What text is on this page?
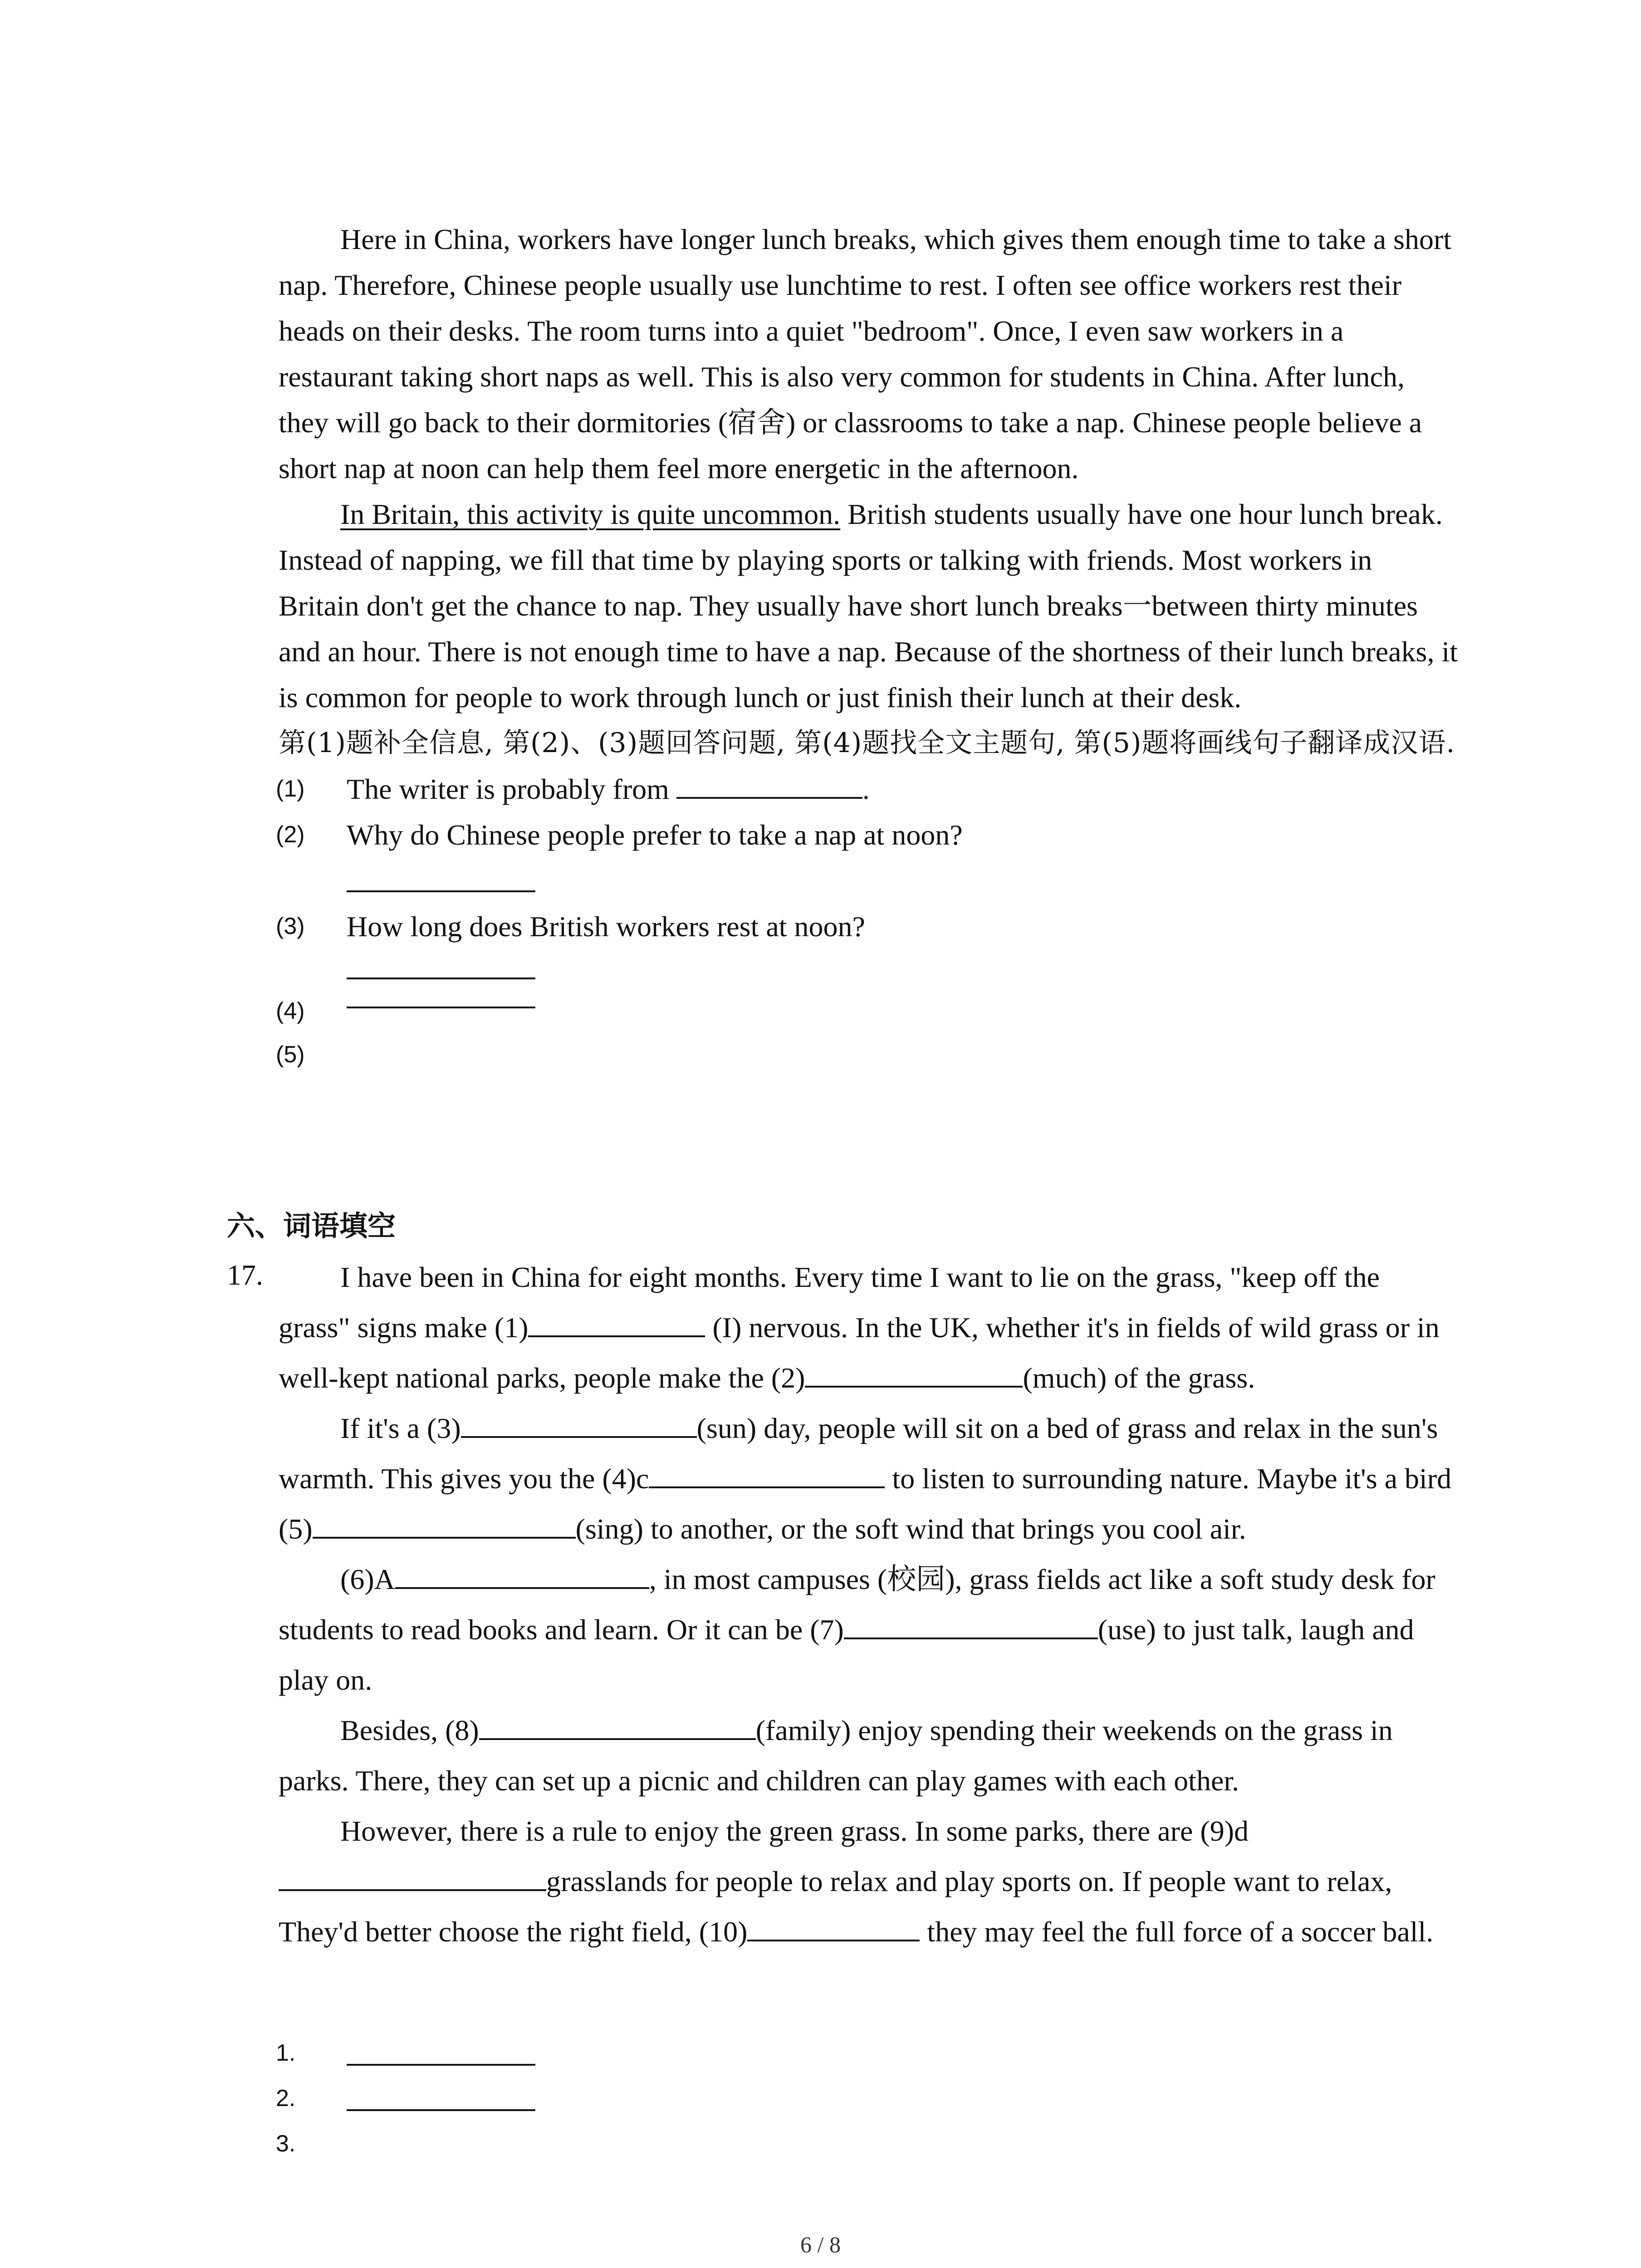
Here in China, workers have longer lunch breaks, which gives them enough time to take a short nap. Therefore, Chinese people usually use lunchtime to rest. I often see office workers rest their heads on their desks. The room turns into a quiet "bedroom". Once, I even saw workers in a restaurant taking short naps as well. This is also very common for students in China. After lunch, they will go back to their dormitories (宿舍) or classrooms to take a nap. Chinese people believe a short nap at noon can help them feel more energetic in the afternoon.

In Britain, this activity is quite uncommon. British students usually have one hour lunch break. Instead of napping, we fill that time by playing sports or talking with friends. Most workers in Britain don't get the chance to nap. They usually have short lunch breaks一between thirty minutes and an hour. There is not enough time to have a nap. Because of the shortness of their lunch breaks, it is common for people to work through lunch or just finish their lunch at their desk.

第(1)题补全信息, 第(2)、(3)题回答问题, 第(4)题找全文主题句, 第(5)题将画线句子翻译成汉语.

(1) The writer is probably from	.
(2) Why do Chinese people prefer to take a nap at noon?
(3) How long does British workers rest at noon?
(4)
(5)
六、词语填空
17.	I have been in China for eight months. Every time I want to lie on the grass, "keep off the grass" signs make (1)	(I) nervous. In the UK, whether it's in fields of wild grass or in well-kept national parks, people make the (2)	(much) of the grass.

If it's a (3)	(sun) day, people will sit on a bed of grass and relax in the sun's warmth. This gives you the (4)c	to listen to surrounding nature. Maybe it's a bird (5)	(sing) to another, or the soft wind that brings you cool air.

(6)A	, in most campuses (校园), grass fields act like a soft study desk for students to read books and learn. Or it can be (7)	(use) to just talk, laugh and play on.

Besides, (8)	(family) enjoy spending their weekends on the grass in parks. There, they can set up a picnic and children can play games with each other.

However, there is a rule to enjoy the green grass. In some parks, there are (9)dgrasslands for people to relax and play sports on. If people want to relax, They'd better choose the right field, (10)	they may feel the full force of a soccer ball.

1.
2.
3.
6 / 8
